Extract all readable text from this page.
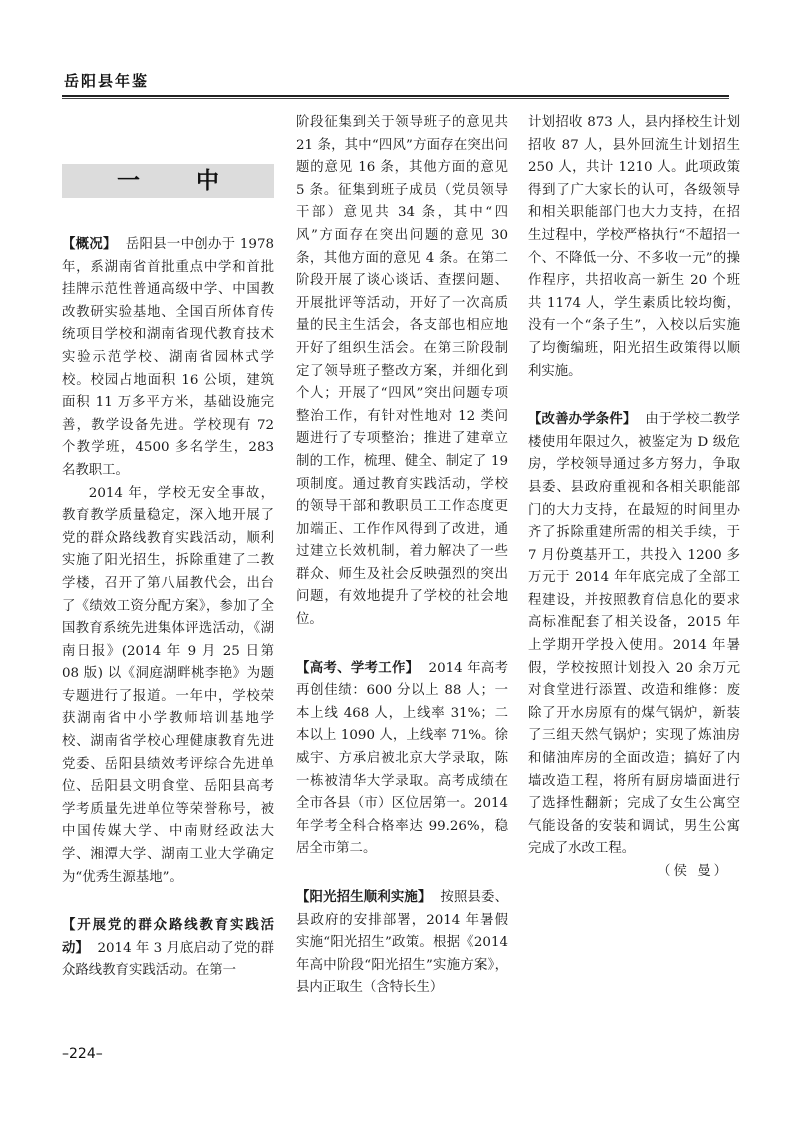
岳阳县年鉴
一 中

【概况】 岳阳县一中创办于 1978 年，系湖南省首批重点中学和首批挂牌示范性普通高级中学、中国教改教研实验基地、全国百所体育传统项目学校和湖南省现代教育技术实验示范学校、湖南省园林式学校。校园占地面积 16 公顷，建筑面积 11 万多平方米，基础设施完善，教学设备先进。学校现有 72 个教学班，4500 多名学生，283 名教职工。

2014 年，学校无安全事故，教育教学质量稳定，深入地开展了党的群众路线教育实践活动，顺利实施了阳光招生，拆除重建了二教学楼，召开了第八届教代会，出台了《绩效工资分配方案》，参加了全国教育系统先进集体评选活动，《湖南日报》(2014 年 9 月 25 日第 08 版) 以《洞庭湖畔桃李艳》为题专题进行了报道。一年中，学校荣获湖南省中小学教师培训基地学校、湖南省学校心理健康教育先进党委、岳阳县绩效考评综合先进单位、岳阳县文明食堂、岳阳县高考学考质量先进单位等荣誉称号，被中国传媒大学、中南财经政法大学、湘潭大学、湖南工业大学确定为“优秀生源基地”。

【开展党的群众路线教育实践活动】 2014 年 3 月底启动了党的群众路线教育实践活动。在第一

阶段征集到关于领导班子的意见共 21 条，其中“四风”方面存在突出问题的意见 16 条，其他方面的意见 5 条。征集到班子成员（党员领导干部）意见共 34 条，其中“四风”方面存在突出问题的意见 30 条，其他方面的意见 4 条。在第二阶段开展了谈心谈话、查摆问题、开展批评等活动，开好了一次高质量的民主生活会，各支部也相应地开好了组织生活会。在第三阶段制定了领导班子整改方案，并细化到个人；开展了“四风”突出问题专项整治工作，有针对性地对 12 类问题进行了专项整治；推进了建章立制的工作，梳理、健全、制定了 19 项制度。通过教育实践活动，学校的领导干部和教职员工工作态度更加端正、工作作风得到了改进，通过建立长效机制，着力解决了一些群众、师生及社会反映强烈的突出问题，有效地提升了学校的社会地位。

【高考、学考工作】 2014 年高考再创佳绩：600 分以上 88 人；一本上线 468 人，上线率 31%；二本以上 1090 人，上线率 71%。徐威宇、方承启被北京大学录取，陈一栋被清华大学录取。高考成绩在全市各县（市）区位居第一。2014 年学考全科合格率达 99.26%，稳居全市第二。

【阳光招生顺利实施】 按照县委、县政府的安排部署，2014 年暑假实施“阳光招生”政策。根据《2014 年高中阶段“阳光招生”实施方案》，县内正取生（含特长生）

计划招收 873 人，县内择校生计划招收 87 人，县外回流生计划招生 250 人，共计 1210 人。此项政策得到了广大家长的认可，各级领导和相关职能部门也大力支持，在招生过程中，学校严格执行“不超招一个、不降低一分、不多收一元”的操作程序，共招收高一新生 20 个班共 1174 人，学生素质比较均衡，没有一个“条子生”，入校以后实施了均衡编班，阳光招生政策得以顺利实施。

【改善办学条件】 由于学校二教学楼使用年限过久，被鉴定为 D 级危房，学校领导通过多方努力，争取县委、县政府重视和各相关职能部门的大力支持，在最短的时间里办齐了拆除重建所需的相关手续，于 7 月份奠基开工，共投入 1200 多万元于 2014 年年底完成了全部工程建设，并按照教育信息化的要求高标准配套了相关设备，2015 年上学期开学投入使用。2014 年暑假，学校按照计划投入 20 余万元对食堂进行添置、改造和维修：废除了开水房原有的煤气锅炉，新装了三组天然气锅炉；实现了炼油房和储油库房的全面改造；搞好了内墙改造工程，将所有厨房墙面进行了选择性翻新；完成了女生公寓空气能设备的安装和调试，男生公寓完成了水改工程。

（侯 曼）

–224–
